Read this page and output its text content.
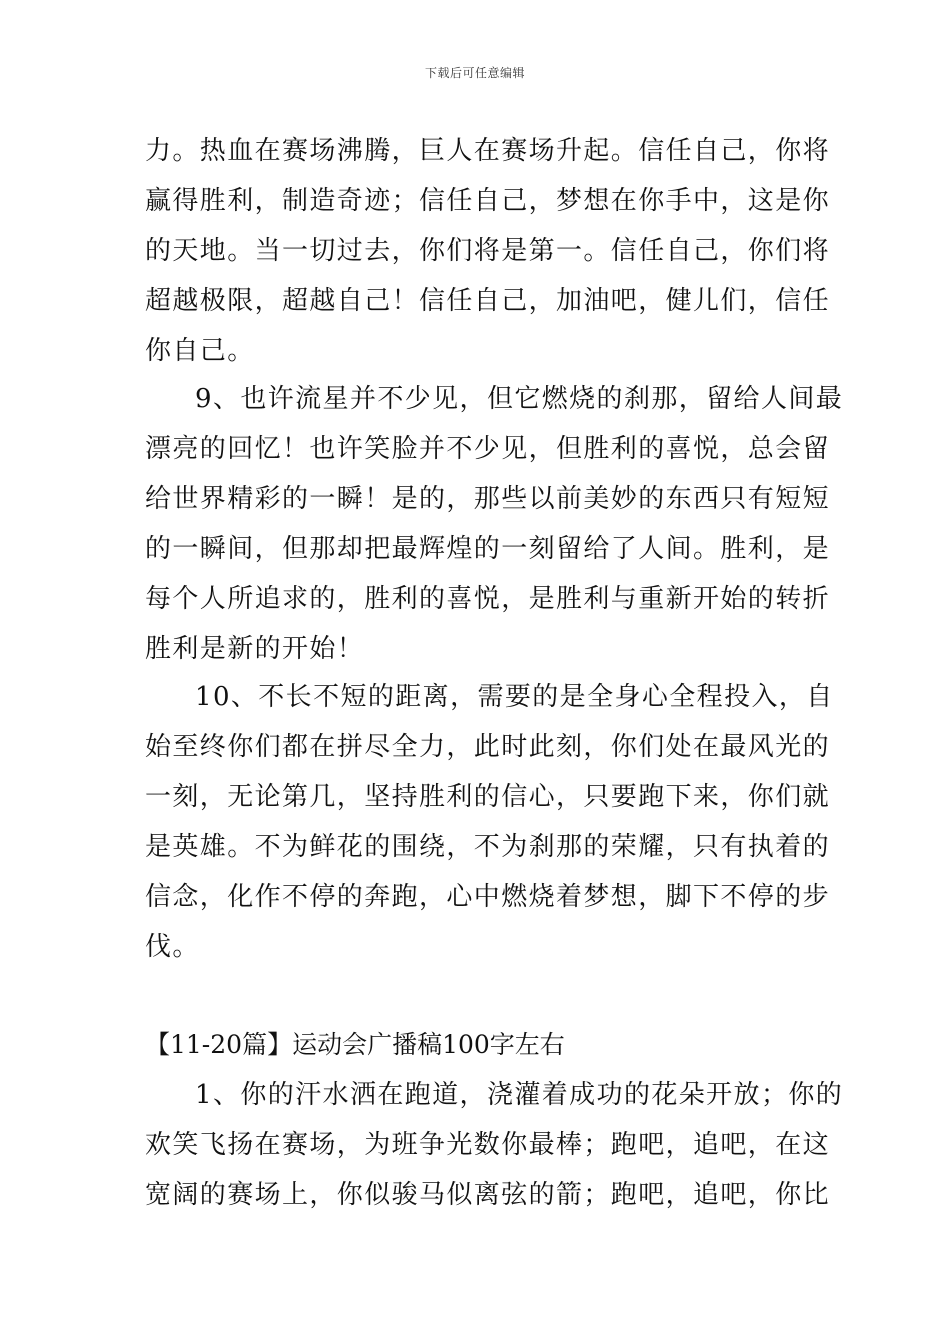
下载后可任意编辑
力。热血在赛场沸腾，巨人在赛场升起。信任自己，你将
赢得胜利，制造奇迹；信任自己，梦想在你手中，这是你
的天地。当一切过去，你们将是第一。信任自己，你们将
超越极限，超越自己！信任自己，加油吧，健儿们，信任
你自己。
9、也许流星并不少见，但它燃烧的刹那，留给人间最
漂亮的回忆！也许笑脸并不少见，但胜利的喜悦，总会留
给世界精彩的一瞬！是的，那些以前美妙的东西只有短短
的一瞬间，但那却把最辉煌的一刻留给了人间。胜利，是
每个人所追求的，胜利的喜悦，是胜利与重新开始的转折
胜利是新的开始！
10、不长不短的距离，需要的是全身心全程投入，自
始至终你们都在拼尽全力，此时此刻，你们处在最风光的
一刻，无论第几，坚持胜利的信心，只要跑下来，你们就
是英雄。不为鲜花的围绕，不为刹那的荣耀，只有执着的
信念，化作不停的奔跑，心中燃烧着梦想，脚下不停的步
伐。
【11-20篇】运动会广播稿100字左右
1、你的汗水洒在跑道，浇灌着成功的花朵开放；你的
欢笑飞扬在赛场，为班争光数你最棒；跑吧，追吧，在这
宽阔的赛场上，你似骏马似离弦的箭；跑吧，追吧，你比
